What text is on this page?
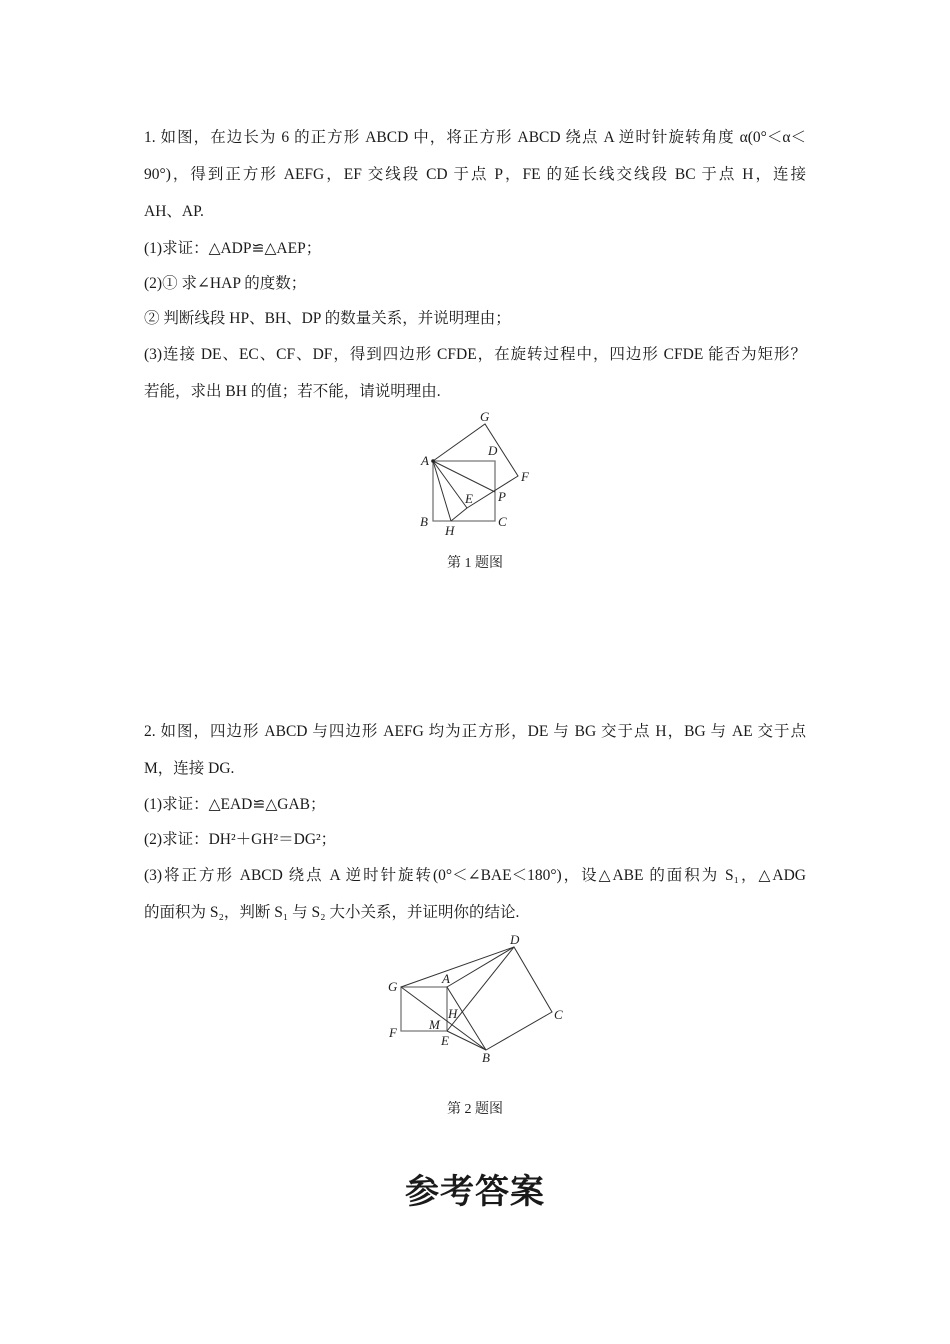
1. 如图，在边长为 6 的正方形 ABCD 中，将正方形 ABCD 绕点 A 逆时针旋转角度 α(0°＜α＜
90°)，得到正方形 AEFG，EF 交线段 CD 于点 P，FE 的延长线交线段 BC 于点 H，连接
AH、AP.
(1)求证：△ADP≌△AEP；
(2)① 求∠HAP 的度数；
② 判断线段 HP、BH、DP 的数量关系，并说明理由；
(3)连接 DE、EC、CF、DF，得到四边形 CFDE，在旋转过程中，四边形 CFDE 能否为矩形？
若能，求出 BH 的值；若不能，请说明理由.
A
G
D
F
P
E
B
H
C
G
A
D
C
B
E
F
M
H
第 1 题图
2. 如图，四边形 ABCD 与四边形 AEFG 均为正方形，DE 与 BG 交于点 H，BG 与 AE 交于点
M，连接 DG.
(1)求证：△EAD≌△GAB；
(2)求证：DH²＋GH²＝DG²；
(3)将正方形 ABCD 绕点 A 逆时针旋转(0°＜∠BAE＜180°)，设△ABE 的面积为 S₁，△ADG
的面积为 S₂，判断 S₁ 与 S₂ 大小关系，并证明你的结论.
第 2 题图
参考答案
